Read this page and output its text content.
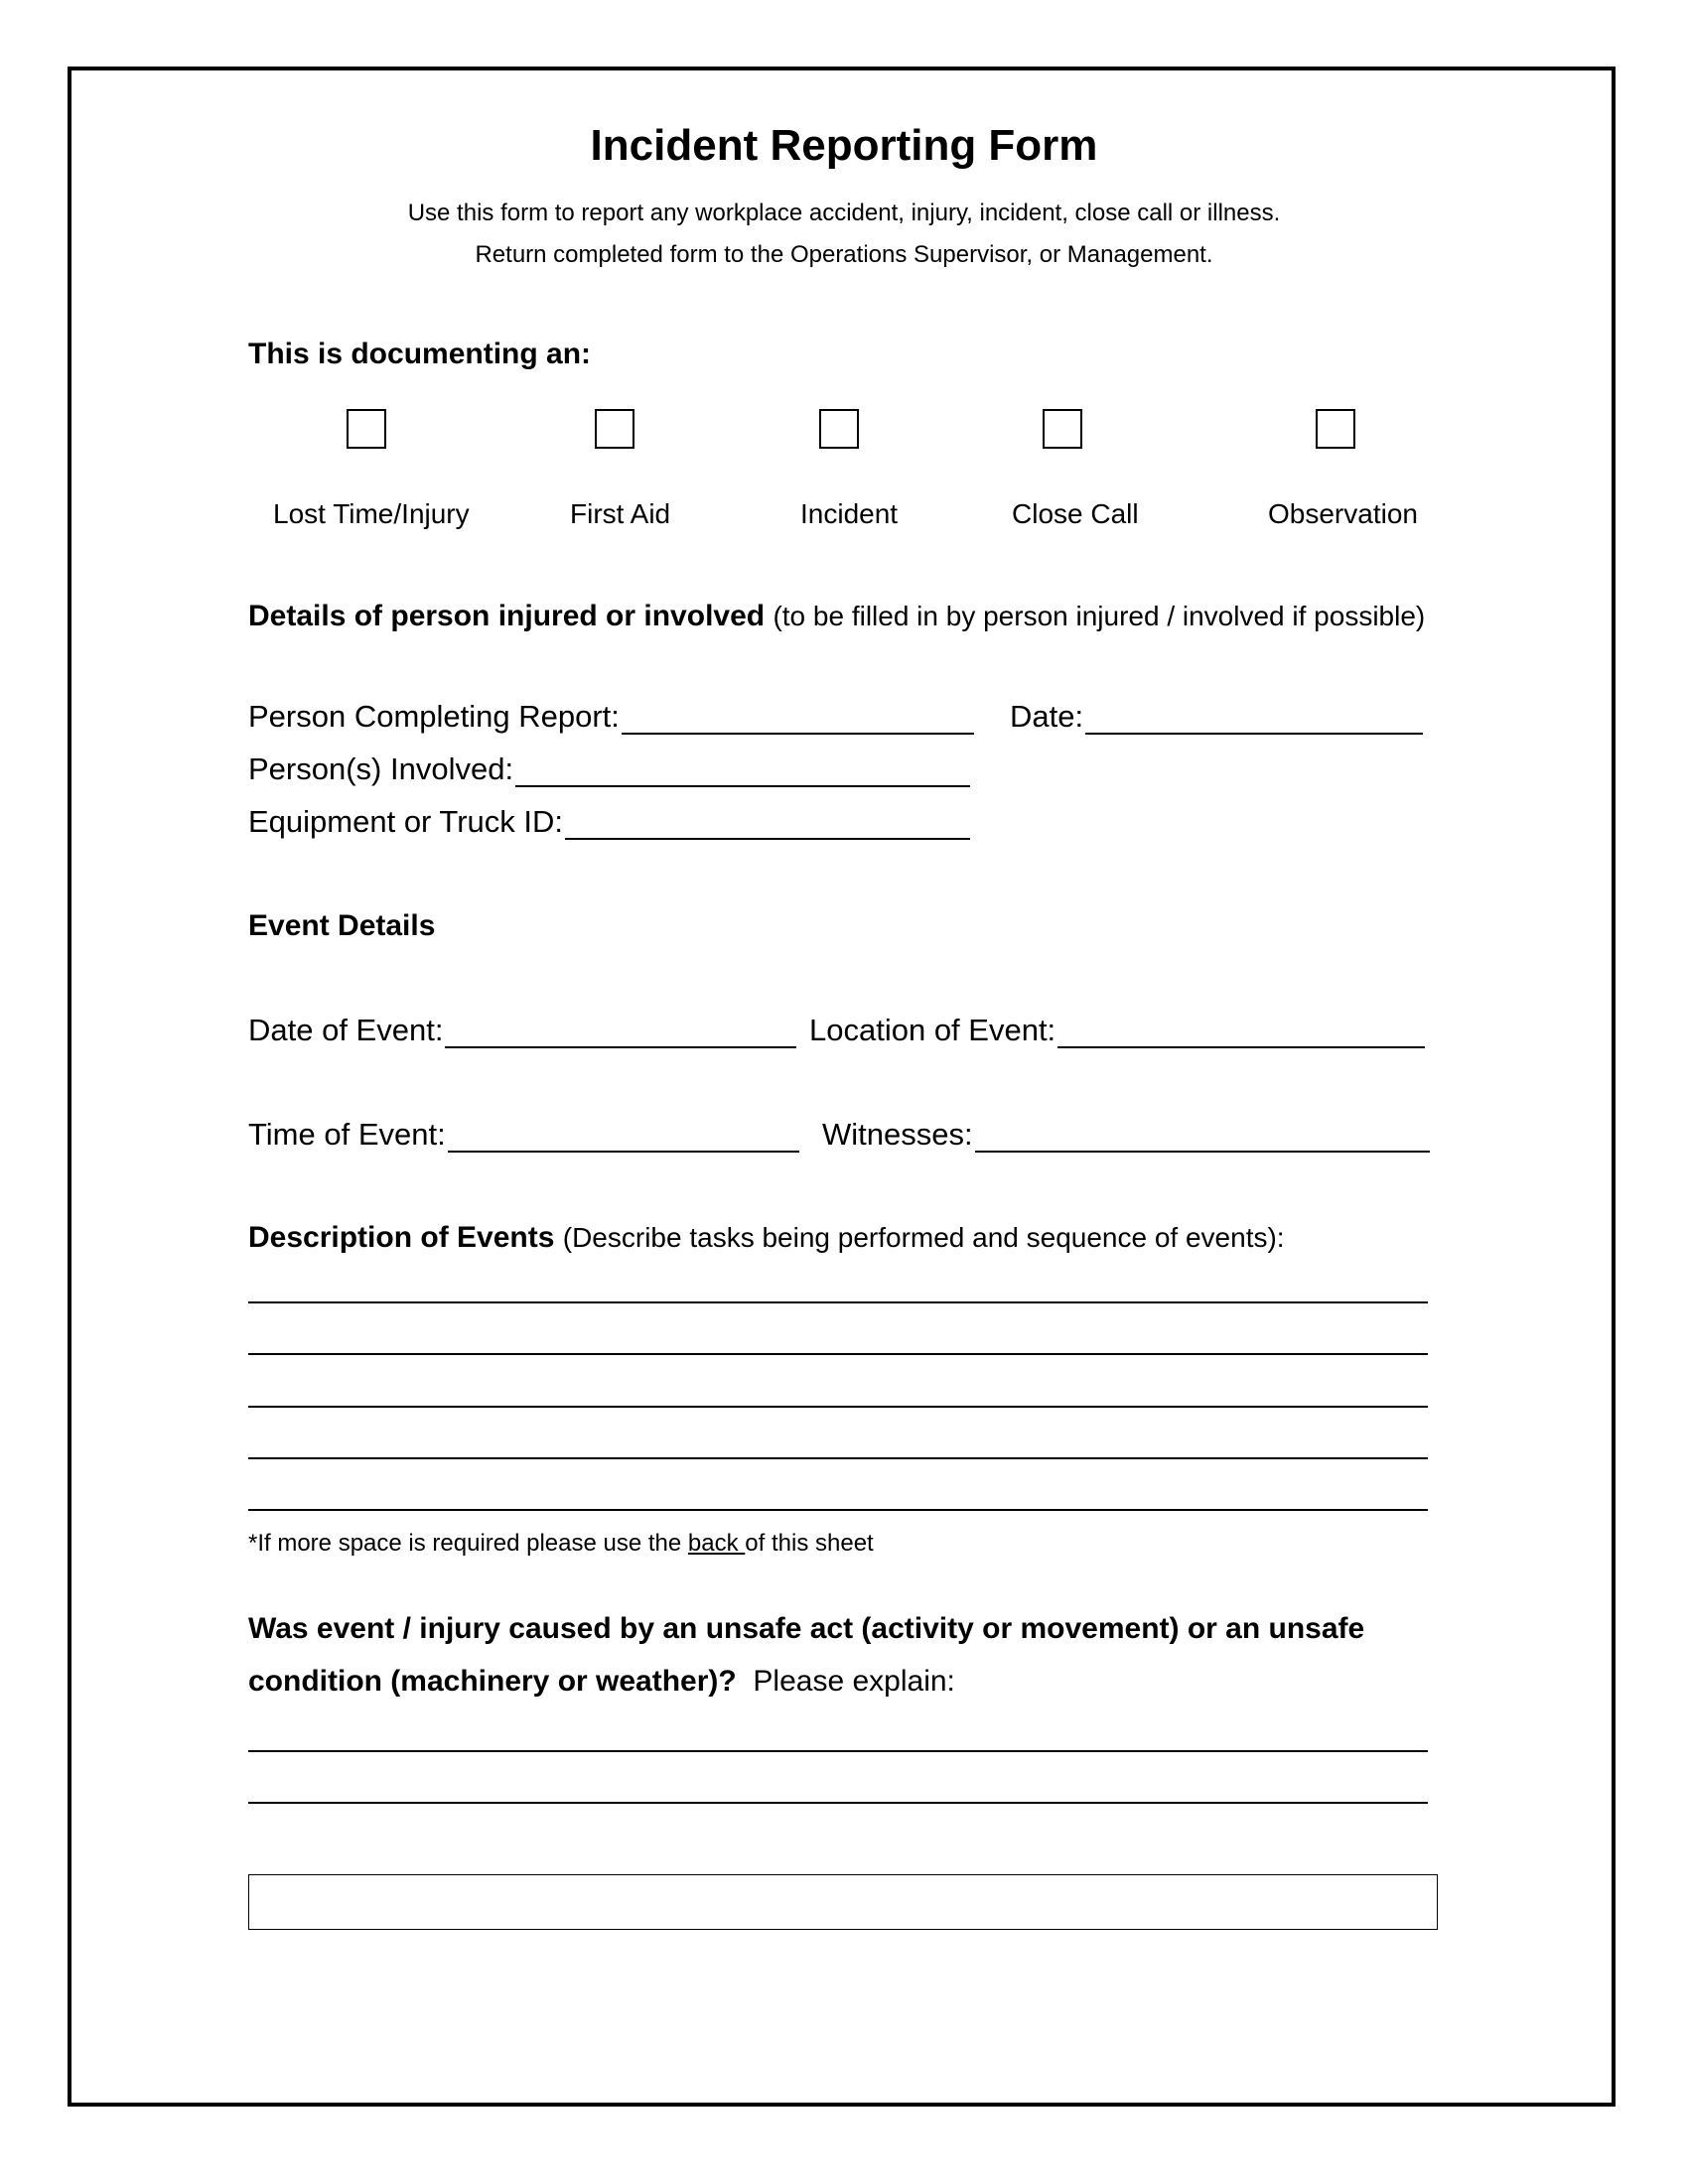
Incident Reporting Form
Use this form to report any workplace accident, injury, incident, close call or illness.
Return completed form to the Operations Supervisor, or Management.
This is documenting an:
Lost Time/Injury	First Aid	Incident	Close Call	Observation
Details of person injured or involved (to be filled in by person injured / involved if possible)
Person Completing Report:	Date:
Person(s) Involved:
Equipment or Truck ID:
Event Details
Date of Event:	Location of Event:
Time of Event:	Witnesses:
Description of Events (Describe tasks being performed and sequence of events):
*If more space is required please use the back of this sheet
Was event / injury caused by an unsafe act (activity or movement) or an unsafe
condition (machinery or weather)? Please explain:
